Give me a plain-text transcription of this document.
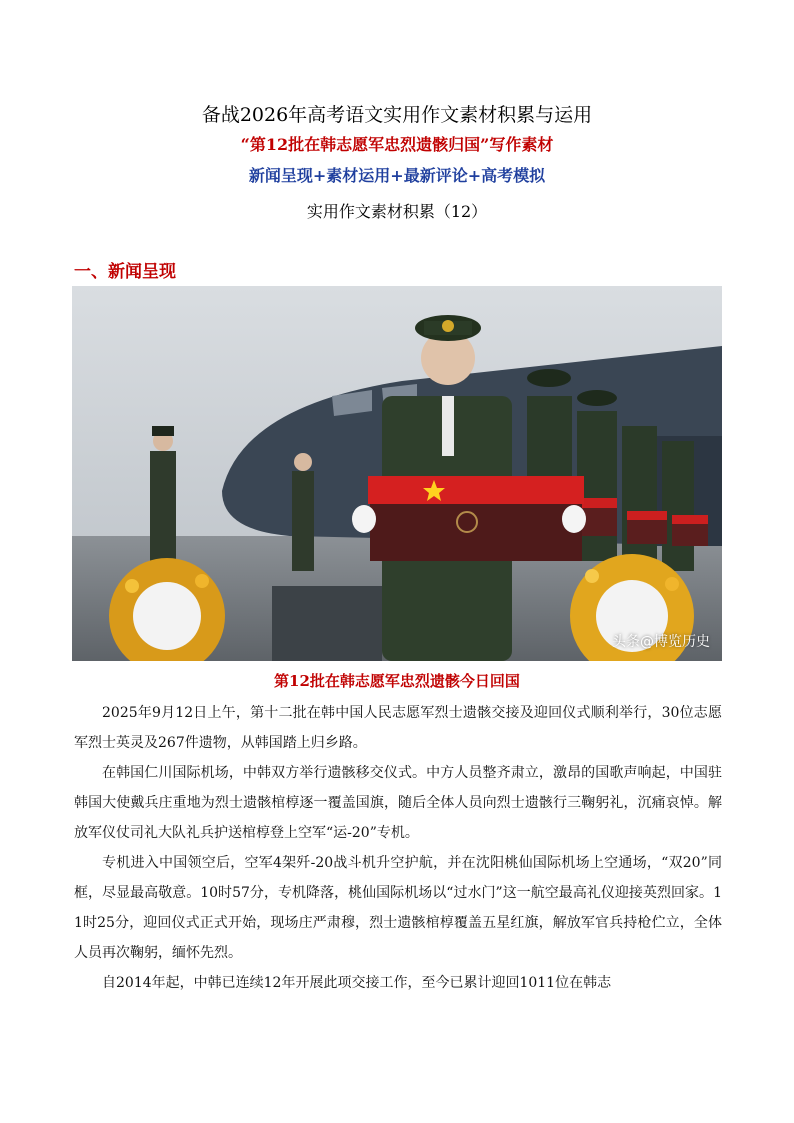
备战2026年高考语文实用作文素材积累与运用
“第12批在韩志愿军忠烈遗骸归国”写作素材
新闻呈现+素材运用+最新评论+高考模拟
实用作文素材积累（12）
一、新闻呈现
头条@博览历史

第12批在韩志愿军忠烈遗骸今日回国

2025年9月12日上午，第十二批在韩中国人民志愿军烈士遗骸交接及迎回仪式顺利举行，30位志愿军烈士英灵及267件遗物，从韩国踏上归乡路。

在韩国仁川国际机场，中韩双方举行遗骸移交仪式。中方人员整齐肃立，激昂的国歌声响起，中国驻韩国大使戴兵庄重地为烈士遗骸棺椁逐一覆盖国旗，随后全体人员向烈士遗骸行三鞠躬礼，沉痛哀悼。解放军仪仗司礼大队礼兵护送棺椁登上空军“运-20”专机。

专机进入中国领空后，空军4架歼-20战斗机升空护航，并在沈阳桃仙国际机场上空通场，“双20”同框，尽显最高敬意。10时57分，专机降落，桃仙国际机场以“过水门”这一航空最高礼仪迎接英烈回家。11时25分，迎回仪式正式开始，现场庄严肃穆，烈士遗骸棺椁覆盖五星红旗，解放军官兵持枪伫立，全体人员再次鞠躬，缅怀先烈。

自2014年起，中韩已连续12年开展此项交接工作，至今已累计迎回1011位在韩志
